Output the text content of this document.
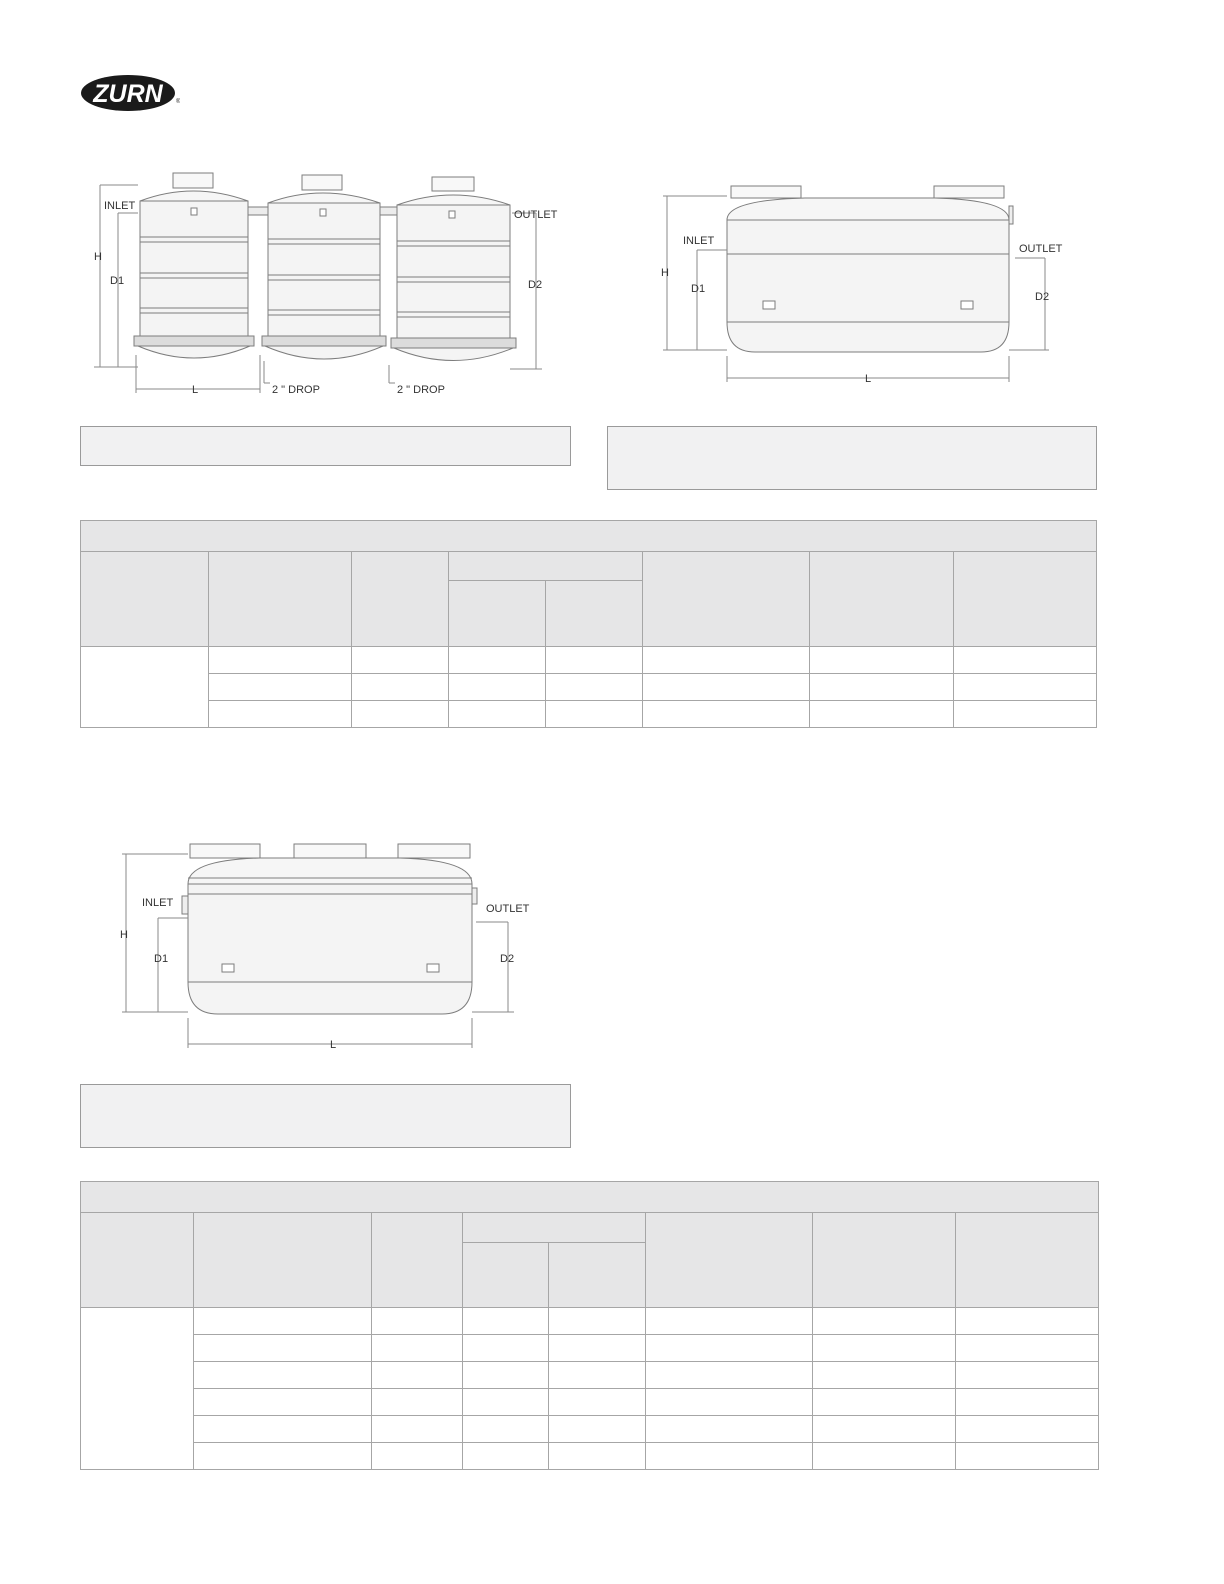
ZURN ®
INLET
OUTLET
H
D1	D2
L	2 " DROP	2 " DROP
INLET
OUTLET
H
D1
D2
L

INLET	OUTLET
H
D1	D2
L
